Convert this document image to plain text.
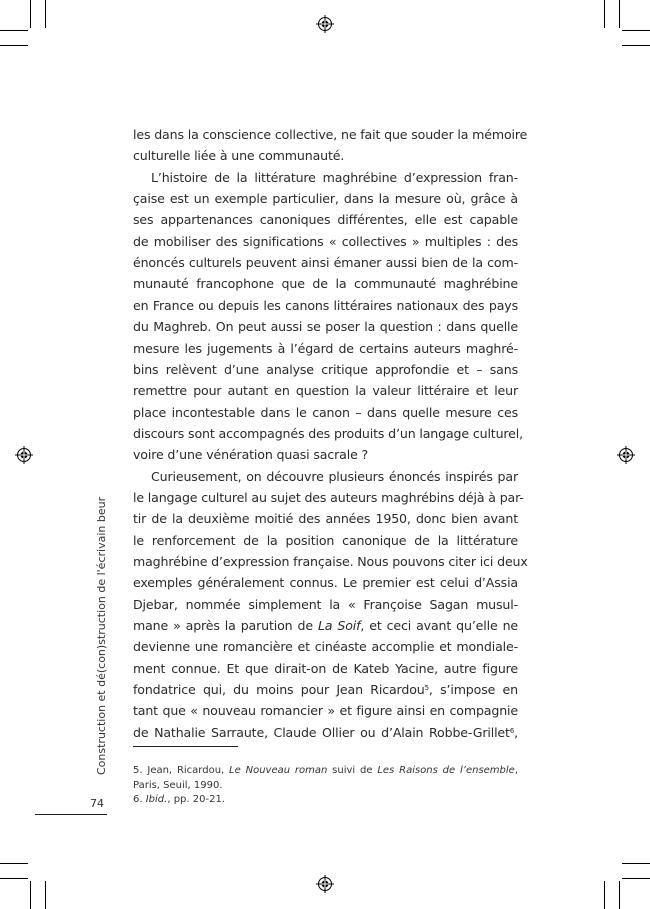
les dans la conscience collective, ne fait que souder la mémoire
culturelle liée à une communauté.
L’histoire de la littérature maghrébine d’expression fran-
çaise est un exemple particulier, dans la mesure où, grâce à
ses appartenances canoniques différentes, elle est capable
de mobiliser des significations « collectives » multiples : des
énoncés culturels peuvent ainsi émaner aussi bien de la com-
munauté francophone que de la communauté maghrébine
en France ou depuis les canons littéraires nationaux des pays
du Maghreb. On peut aussi se poser la question : dans quelle
mesure les jugements à l’égard de certains auteurs maghré-
bins relèvent d’une analyse critique approfondie et – sans
remettre pour autant en question la valeur littéraire et leur
place incontestable dans le canon – dans quelle mesure ces
discours sont accompagnés des produits d’un langage culturel,
voire d’une vénération quasi sacrale ?
Curieusement, on découvre plusieurs énoncés inspirés par
le langage culturel au sujet des auteurs maghrébins déjà à par-
tir de la deuxième moitié des années 1950, donc bien avant
le renforcement de la position canonique de la littérature
maghrébine d’expression française. Nous pouvons citer ici deux
exemples généralement connus. Le premier est celui d’Assia
Djebar, nommée simplement la « Françoise Sagan musul-
mane » après la parution de La Soif, et ceci avant qu’elle ne
devienne une romancière et cinéaste accomplie et mondiale-
ment connue. Et que dirait-on de Kateb Yacine, autre figure
fondatrice qui, du moins pour Jean Ricardou$^5$, s’impose en
tant que « nouveau romancier » et figure ainsi en compagnie
de Nathalie Sarraute, Claude Ollier ou d’Alain Robbe-Grillet$^6$,
5. Jean, Ricardou, Le Nouveau roman suivi de Les Raisons de l’ensemble,
Paris, Seuil, 1990.
6. Ibid., pp. 20-21.
Construction et dé(con)struction de l'écrivain beur
74
